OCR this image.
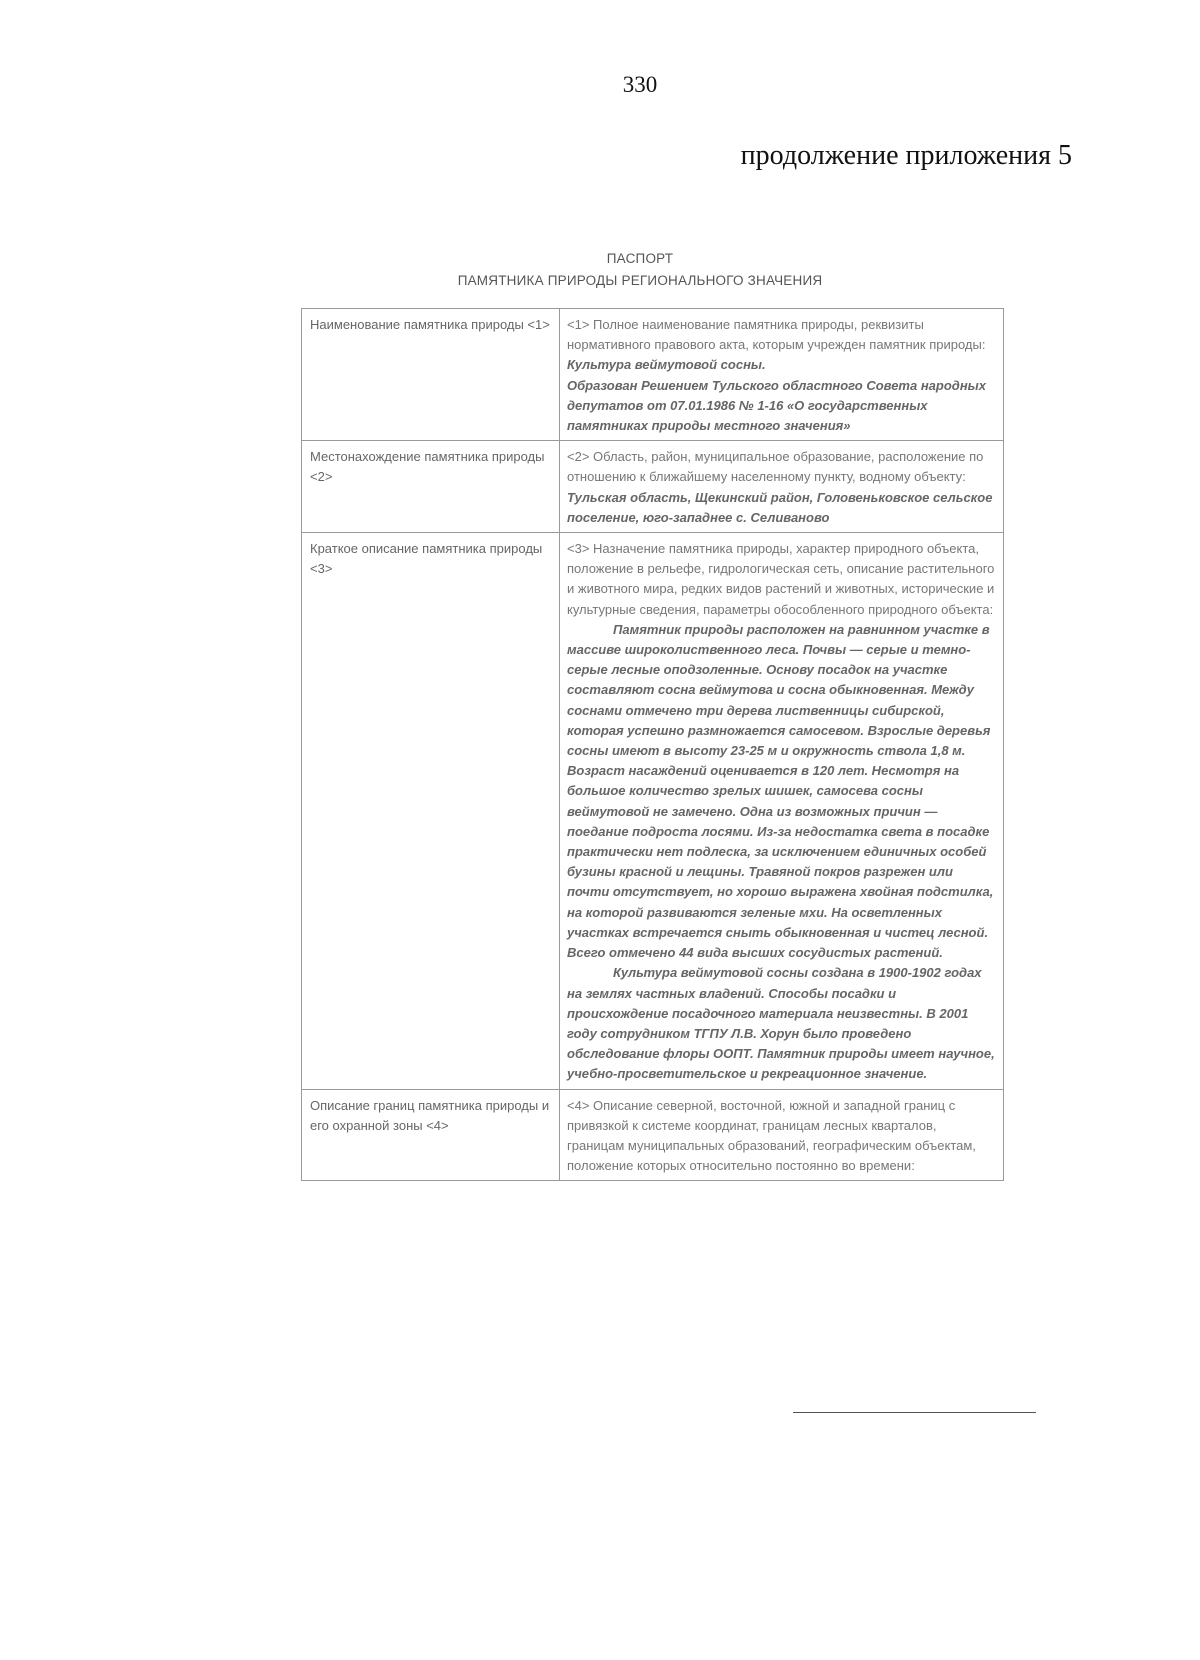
330
продолжение приложения 5
ПАСПОРТ
ПАМЯТНИКА ПРИРОДЫ РЕГИОНАЛЬНОГО ЗНАЧЕНИЯ
Наименование памятника природы <1>	<1> Полное наименование памятника природы, реквизиты нормативного правового акта, которым учрежден памятник природы:
Культура веймутовой сосны.
Образован Решением Тульского областного Совета народных депутатов от 07.01.1986 № 1-16 «О государственных памятниках природы местного значения»

Местонахождение памятника природы <2>	<2> Область, район, муниципальное образование, расположение по отношению к ближайшему населенному пункту, водному объекту:
Тульская область, Щекинский район, Головеньковское сельское поселение, юго-западнее с. Селиваново

Краткое описание памятника природы <3>	<3> Назначение памятника природы, характер природного объекта, положение в рельефе, гидрологическая сеть, описание растительного и животного мира, редких видов растений и животных, исторические и культурные сведения, параметры обособленного природного объекта:
Памятник природы расположен на равнинном участке в массиве широколиственного леса. Почвы — серые и темно-серые лесные оподзоленные. Основу посадок на участке составляют сосна веймутова и сосна обыкновенная. Между соснами отмечено три дерева лиственницы сибирской, которая успешно размножается самосевом. Взрослые деревья сосны имеют в высоту 23-25 м и окружность ствола 1,8 м. Возраст насаждений оценивается в 120 лет. Несмотря на большое количество зрелых шишек, самосева сосны веймутовой не замечено. Одна из возможных причин — поедание подроста лосями. Из-за недостатка света в посадке практически нет подлеска, за исключением единичных особей бузины красной и лещины. Травяной покров разрежен или почти отсутствует, но хорошо выражена хвойная подстилка, на которой развиваются зеленые мхи. На осветленных участках встречается сныть обыкновенная и чистец лесной. Всего отмечено 44 вида высших сосудистых растений.
Культура веймутовой сосны создана в 1900-1902 годах на землях частных владений. Способы посадки и происхождение посадочного материала неизвестны. В 2001 году сотрудником ТГПУ Л.В. Хорун было проведено обследование флоры ООПТ. Памятник природы имеет научное, учебно-просветительское и рекреационное значение.

Описание границ памятника природы и его охранной зоны <4>	<4> Описание северной, восточной, южной и западной границ с привязкой к системе координат, границам лесных кварталов, границам муниципальных образований, географическим объектам, положение которых относительно постоянно во времени:
